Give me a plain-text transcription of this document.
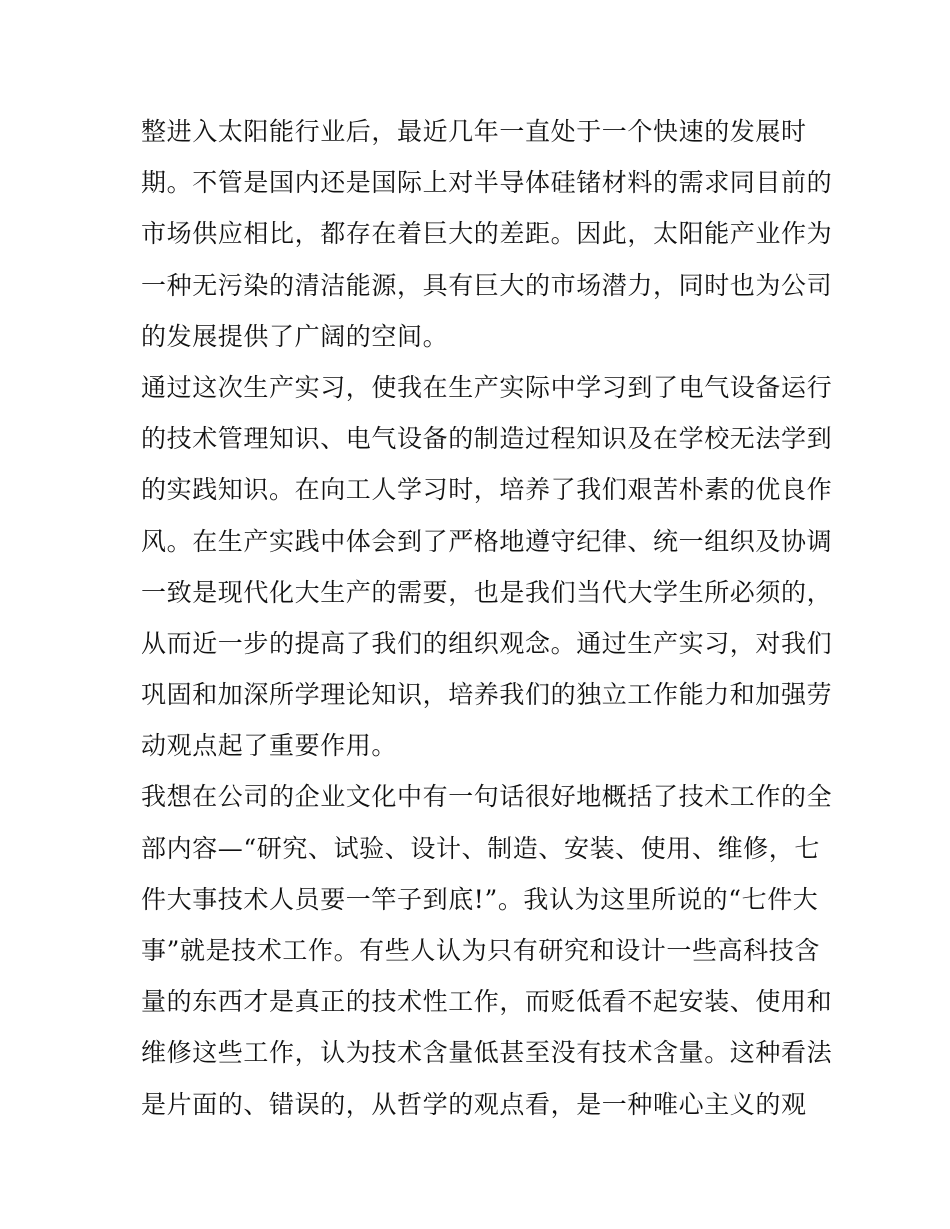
整进入太阳能行业后，最近几年一直处于一个快速的发展时
期。不管是国内还是国际上对半导体硅锗材料的需求同目前的
市场供应相比，都存在着巨大的差距。因此，太阳能产业作为
一种无污染的清洁能源，具有巨大的市场潜力，同时也为公司
的发展提供了广阔的空间。
通过这次生产实习，使我在生产实际中学习到了电气设备运行
的技术管理知识、电气设备的制造过程知识及在学校无法学到
的实践知识。在向工人学习时，培养了我们艰苦朴素的优良作
风。在生产实践中体会到了严格地遵守纪律、统一组织及协调
一致是现代化大生产的需要，也是我们当代大学生所必须的，
从而近一步的提高了我们的组织观念。通过生产实习，对我们
巩固和加深所学理论知识，培养我们的独立工作能力和加强劳
动观点起了重要作用。
我想在公司的企业文化中有一句话很好地概括了技术工作的全
部内容—“研究、试验、设计、制造、安装、使用、维修，七
件大事技术人员要一竿子到底!”。我认为这里所说的“七件大
事”就是技术工作。有些人认为只有研究和设计一些高科技含
量的东西才是真正的技术性工作，而贬低看不起安装、使用和
维修这些工作，认为技术含量低甚至没有技术含量。这种看法
是片面的、错误的，从哲学的观点看，是一种唯心主义的观
